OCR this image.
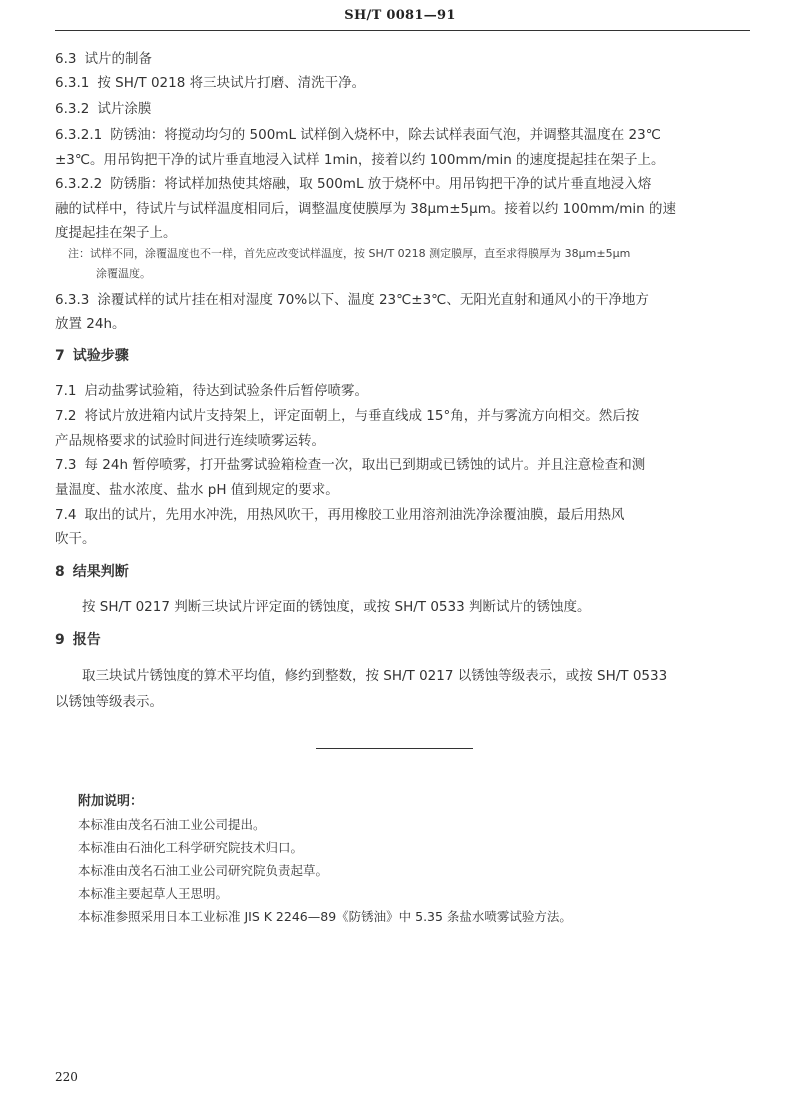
SH/T 0081—91
6.3 试片的制备
6.3.1 按 SH/T 0218 将三块试片打磨、清洗干净。
6.3.2 试片涂膜
6.3.2.1 防锈油：将搅动均匀的 500mL 试样倒入烧杯中，除去试样表面气泡，并调整其温度在 23℃
±3℃。用吊钩把干净的试片垂直地浸入试样 1min，接着以约 100mm/min 的速度提起挂在架子上。
6.3.2.2 防锈脂：将试样加热使其熔融，取 500mL 放于烧杯中。用吊钩把干净的试片垂直地浸入熔
融的试样中，待试片与试样温度相同后，调整温度使膜厚为 38μm±5μm。接着以约 100mm/min 的速
度提起挂在架子上。
注：试样不同，涂覆温度也不一样，首先应改变试样温度，按 SH/T 0218 测定膜厚，直至求得膜厚为 38μm±5μm
涂覆温度。
6.3.3 涂覆试样的试片挂在相对湿度 70%以下、温度 23℃±3℃、无阳光直射和通风小的干净地方
放置 24h。
7 试验步骤
7.1 启动盐雾试验箱，待达到试验条件后暂停喷雾。
7.2 将试片放进箱内试片支持架上，评定面朝上，与垂直线成 15°角，并与雾流方向相交。然后按
产品规格要求的试验时间进行连续喷雾运转。
7.3 每 24h 暂停喷雾，打开盐雾试验箱检查一次，取出已到期或已锈蚀的试片。并且注意检查和测
量温度、盐水浓度、盐水 pH 值到规定的要求。
7.4 取出的试片，先用水冲洗，用热风吹干，再用橡胶工业用溶剂油洗净涂覆油膜，最后用热风
吹干。
8 结果判断
按 SH/T 0217 判断三块试片评定面的锈蚀度，或按 SH/T 0533 判断试片的锈蚀度。
9 报告
取三块试片锈蚀度的算术平均值，修约到整数，按 SH/T 0217 以锈蚀等级表示，或按 SH/T 0533
以锈蚀等级表示。
附加说明：
本标准由茂名石油工业公司提出。
本标准由石油化工科学研究院技术归口。
本标准由茂名石油工业公司研究院负责起草。
本标准主要起草人王思明。
本标准参照采用日本工业标准 JIS K 2246—89《防锈油》中 5.35 条盐水喷雾试验方法。
220
